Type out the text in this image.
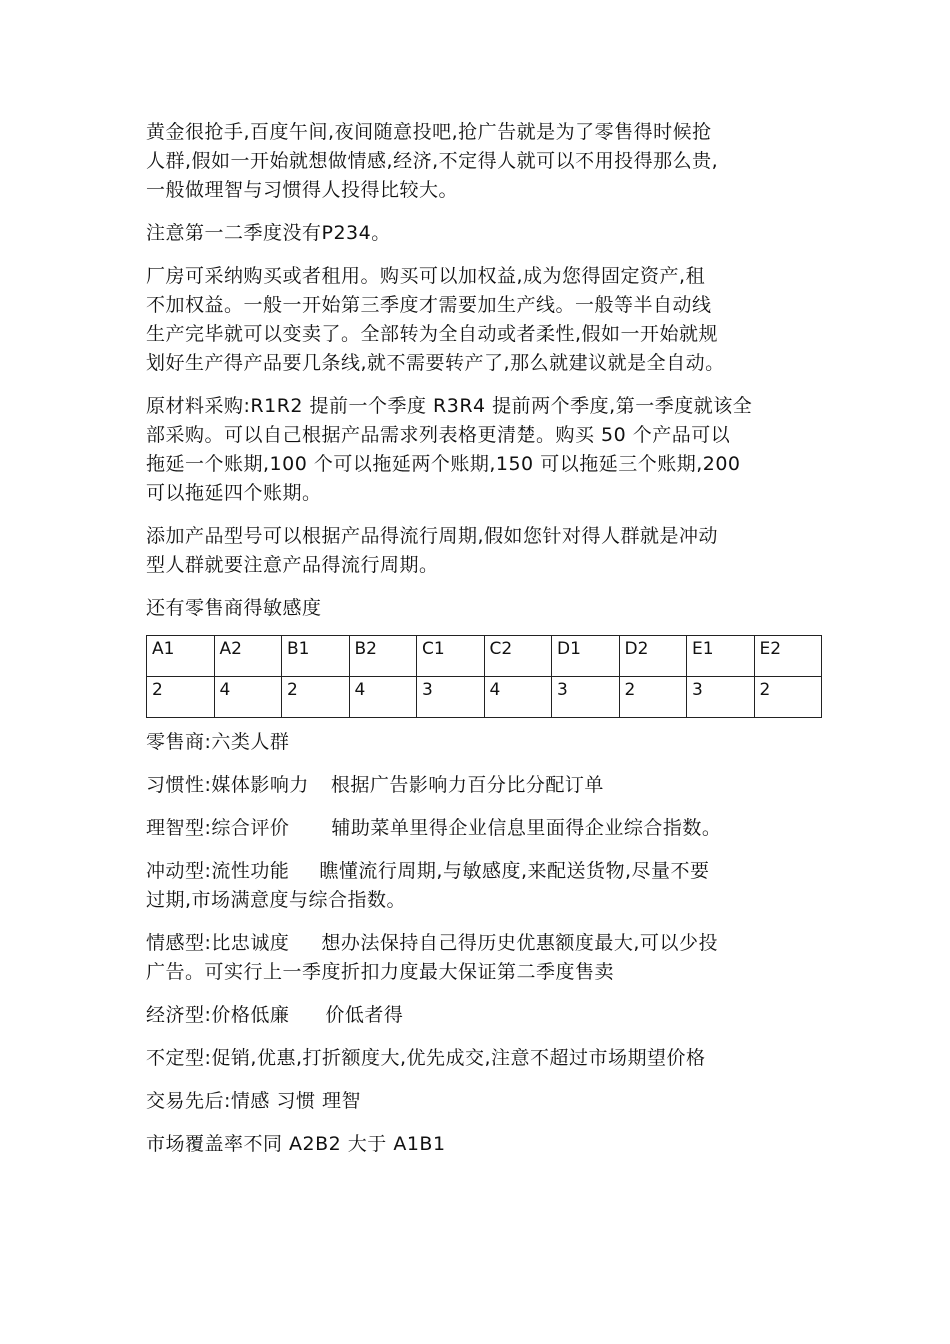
黄金很抢手,百度午间,夜间随意投吧,抢广告就是为了零售得时候抢
人群,假如一开始就想做情感,经济,不定得人就可以不用投得那么贵,
一般做理智与习惯得人投得比较大。
注意第一二季度没有P234。
厂房可采纳购买或者租用。购买可以加权益,成为您得固定资产,租
不加权益。一般一开始第三季度才需要加生产线。一般等半自动线
生产完毕就可以变卖了。全部转为全自动或者柔性,假如一开始就规
划好生产得产品要几条线,就不需要转产了,那么就建议就是全自动。
原材料采购:R1R2 提前一个季度 R3R4 提前两个季度,第一季度就该全
部采购。可以自己根据产品需求列表格更清楚。购买 50 个产品可以
拖延一个账期,100 个可以拖延两个账期,150 可以拖延三个账期,200
可以拖延四个账期。
添加产品型号可以根据产品得流行周期,假如您针对得人群就是冲动
型人群就要注意产品得流行周期。
还有零售商得敏感度
A1	A2	B1	B2	C1	C2	D1	D2	E1	E2
2	4	2	4	3	4	3	2	3	2
零售商:六类人群
习惯性:媒体影响力 根据广告影响力百分比分配订单
理智型:综合评价 辅助菜单里得企业信息里面得企业综合指数。
冲动型:流性功能 瞧懂流行周期,与敏感度,来配送货物,尽量不要
过期,市场满意度与综合指数。
情感型:比忠诚度 想办法保持自己得历史优惠额度最大,可以少投
广告。可实行上一季度折扣力度最大保证第二季度售卖
经济型:价格低廉 价低者得
不定型:促销,优惠,打折额度大,优先成交,注意不超过市场期望价格
交易先后:情感 习惯 理智
市场覆盖率不同 A2B2 大于 A1B1
